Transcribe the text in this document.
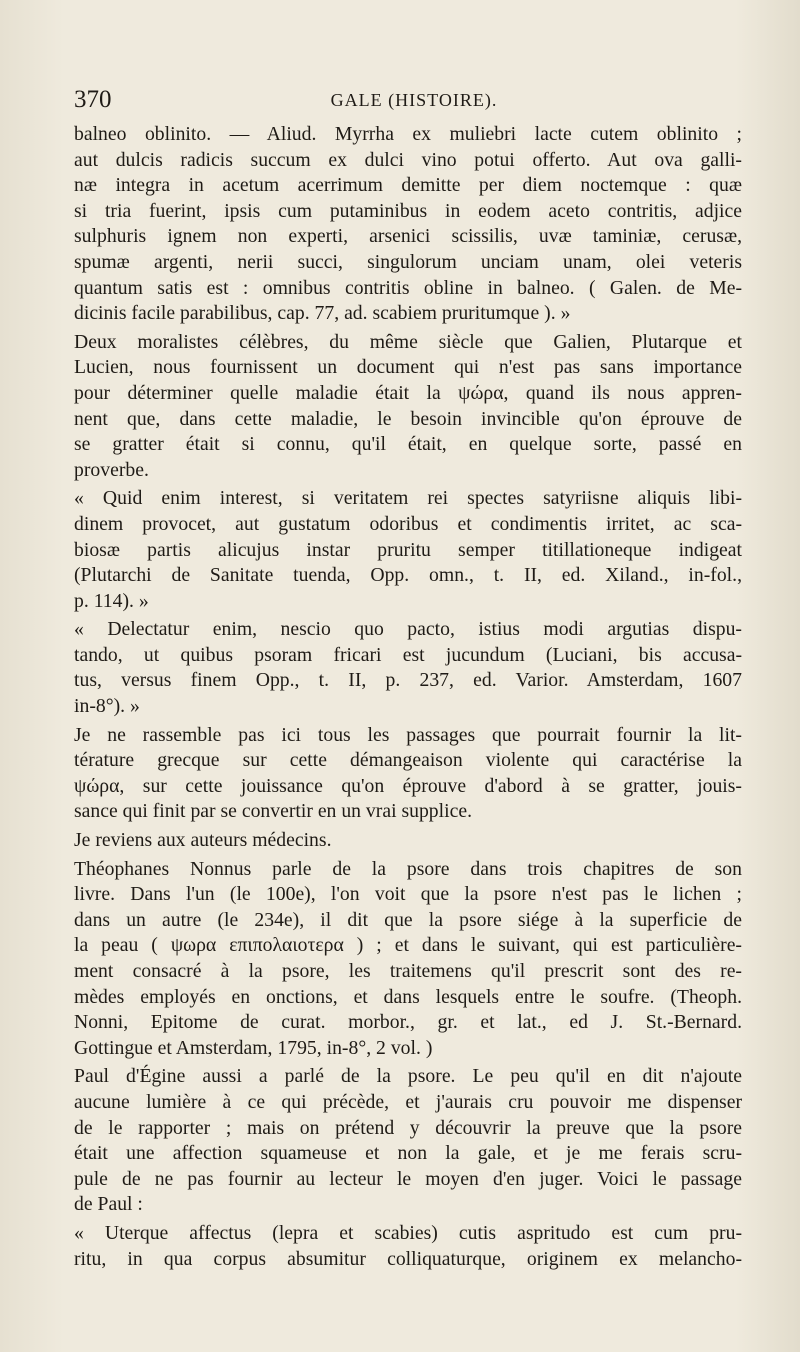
370	GALE (HISTOIRE).
balneo oblinito. — Aliud. Myrrha ex muliebri lacte cutem oblinito ;
aut dulcis radicis succum ex dulci vino potui offerto. Aut ova galli-
næ integra in acetum acerrimum demitte per diem noctemque : quæ
si tria fuerint, ipsis cum putaminibus in eodem aceto contritis, adjice
sulphuris ignem non experti, arsenici scissilis, uvæ taminiæ, cerusæ,
spumæ argenti, nerii succi, singulorum unciam unam, olei veteris
quantum satis est : omnibus contritis obline in balneo. ( Galen. de Me-
dicinis facile parabilibus, cap. 77, ad. scabiem pruritumque ). »
Deux moralistes célèbres, du même siècle que Galien, Plutarque et
Lucien, nous fournissent un document qui n'est pas sans importance
pour déterminer quelle maladie était la ψώρα, quand ils nous appren-
nent que, dans cette maladie, le besoin invincible qu'on éprouve de
se gratter était si connu, qu'il était, en quelque sorte, passé en
proverbe.
« Quid enim interest, si veritatem rei spectes satyriisne aliquis libi-
dinem provocet, aut gustatum odoribus et condimentis irritet, ac sca-
biosæ partis alicujus instar pruritu semper titillationeque indigeat
(Plutarchi de Sanitate tuenda, Opp. omn., t. II, ed. Xiland., in-fol.,
p. 114). »
« Delectatur enim, nescio quo pacto, istius modi argutias dispu-
tando, ut quibus psoram fricari est jucundum (Luciani, bis accusa-
tus, versus finem Opp., t. II, p. 237, ed. Varior. Amsterdam, 1607
in-8°). »
Je ne rassemble pas ici tous les passages que pourrait fournir la lit-
térature grecque sur cette démangeaison violente qui caractérise la
ψώρα, sur cette jouissance qu'on éprouve d'abord à se gratter, jouis-
sance qui finit par se convertir en un vrai supplice.
Je reviens aux auteurs médecins.
Théophanes Nonnus parle de la psore dans trois chapitres de son
livre. Dans l'un (le 100e), l'on voit que la psore n'est pas le lichen ;
dans un autre (le 234e), il dit que la psore siége à la superficie de
la peau ( ψωρα επιπολαιοτερα ) ; et dans le suivant, qui est particulière-
ment consacré à la psore, les traitemens qu'il prescrit sont des re-
mèdes employés en onctions, et dans lesquels entre le soufre. (Theoph.
Nonni, Epitome de curat. morbor., gr. et lat., ed J. St.-Bernard.
Gottingue et Amsterdam, 1795, in-8°, 2 vol. )
Paul d'Égine aussi a parlé de la psore. Le peu qu'il en dit n'ajoute
aucune lumière à ce qui précède, et j'aurais cru pouvoir me dispenser
de le rapporter ; mais on prétend y découvrir la preuve que la psore
était une affection squameuse et non la gale, et je me ferais scru-
pule de ne pas fournir au lecteur le moyen d'en juger. Voici le passage
de Paul :
« Uterque affectus (lepra et scabies) cutis aspritudo est cum pru-
ritu, in qua corpus absumitur colliquaturque, originem ex melancho-
